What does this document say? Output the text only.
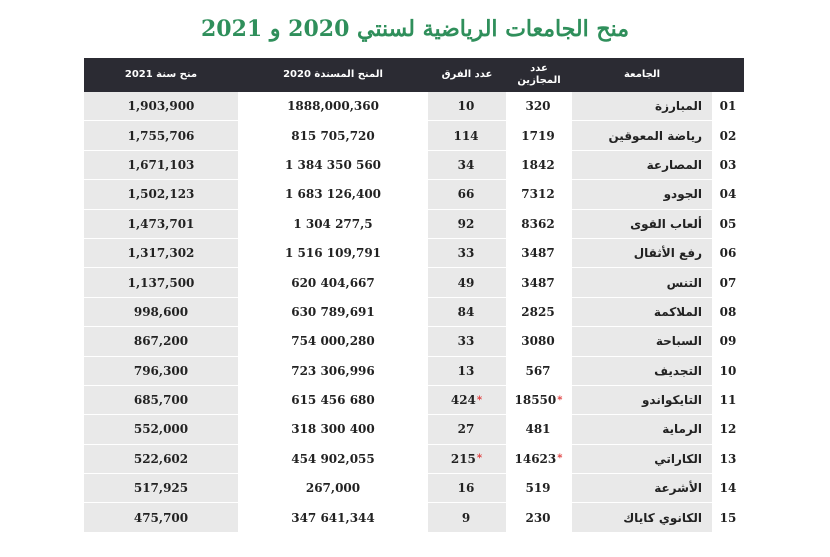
منح الجامعات الرياضية لسنتي 2020 و 2021
الجامعة
عدد المجازين
عدد الفرق
المنح المسندة 2020
منح سنة 2021
01
المبارزة
320
10
1888,000,360
1,903,900
02
رياضة المعوقين
1719
114
815 705,720
1,755,706
03
المصارعة
1842
34
1 384 350 560
1,671,103
04
الجودو
7312
66
1 683 126,400
1,502,123
05
ألعاب القوى
8362
92
1 304 277,5
1,473,701
06
رفع الأثقال
3487
33
1 516 109,791
1,317,302
07
التنس
3487
49
620 404,667
1,137,500
08
الملاكمة
2825
84
630 789,691
998,600
09
السباحة
3080
33
754 000,280
867,200
10
التجديف
567
13
723 306,996
796,300
11
التايكواندو
18550 *
424 *
615 456 680
685,700
12
الرماية
481
27
318 300 400
552,000
13
الكاراتي
14623 *
215 *
454 902,055
522,602
14
الأشرعة
519
16
267,000
517,925
15
الكانوي كاياك
230
9
347 641,344
475,700
